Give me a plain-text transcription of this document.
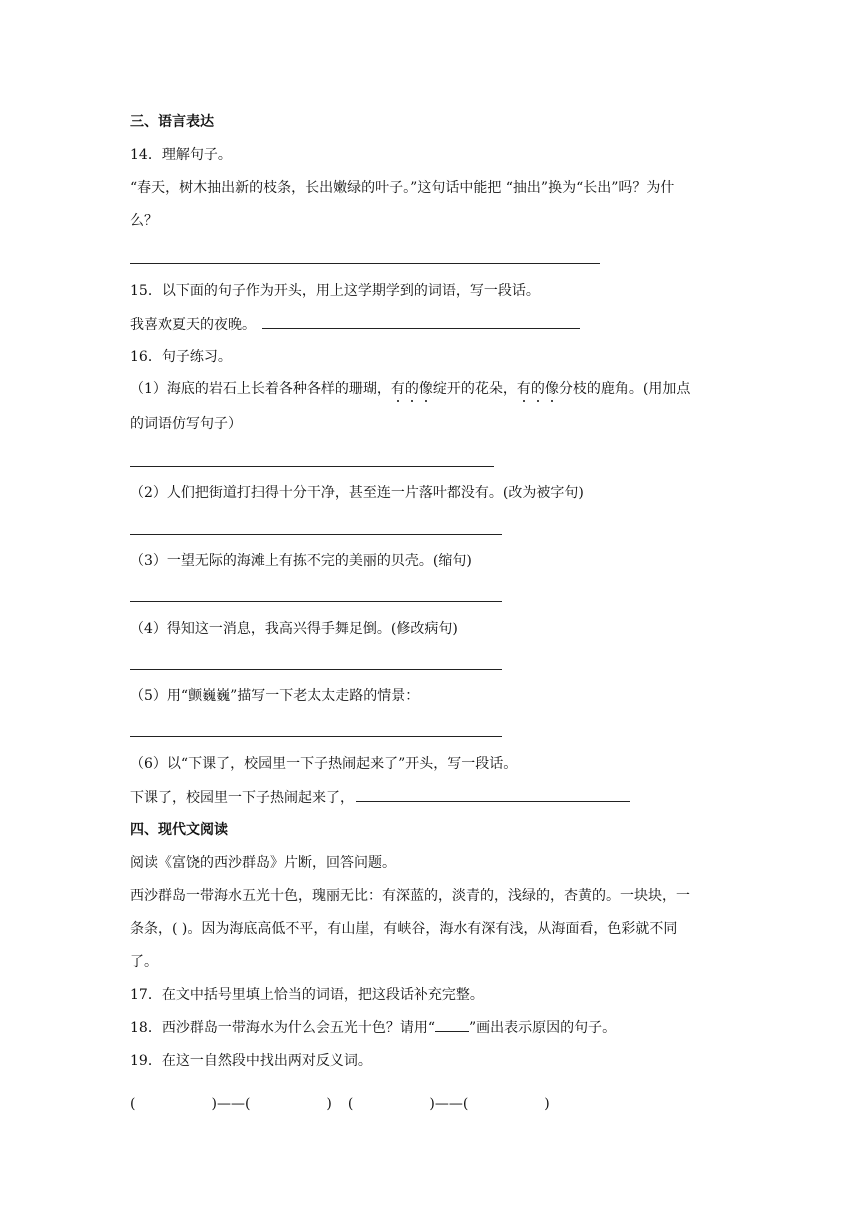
三、语言表达
14．理解句子。
“春天，树木抽出新的枝条，长出嫩绿的叶子。”这句话中能把 “抽出”换为“长出”吗？为什
么？
15．以下面的句子作为开头，用上这学期学到的词语，写一段话。
我喜欢夏天的夜晚。
16．句子练习。
（1）海底的岩石上长着各种各样的珊瑚，有的像绽开的花朵，有的像分枝的鹿角。(用加点
的词语仿写句子）
（2）人们把街道打扫得十分干净，甚至连一片落叶都没有。(改为被字句)
（3）一望无际的海滩上有拣不完的美丽的贝壳。(缩句)
（4）得知这一消息，我高兴得手舞足倒。(修改病句)
（5）用“颤巍巍”描写一下老太太走路的情景：
（6）以“下课了，校园里一下子热闹起来了”开头，写一段话。
下课了，校园里一下子热闹起来了，
四、现代文阅读
阅读《富饶的西沙群岛》片断，回答问题。
西沙群岛一带海水五光十色，瑰丽无比：有深蓝的，淡青的，浅绿的，杏黄的。一块块，一
条条，( )。因为海底高低不平，有山崖，有峡谷，海水有深有浅，从海面看，色彩就不同
了。
17．在文中括号里填上恰当的词语，把这段话补充完整。
18．西沙群岛一带海水为什么会五光十色？请用“ ”画出表示原因的句子。
19．在这一自然段中找出两对反义词。
(	)——(	) (	)——(	)
